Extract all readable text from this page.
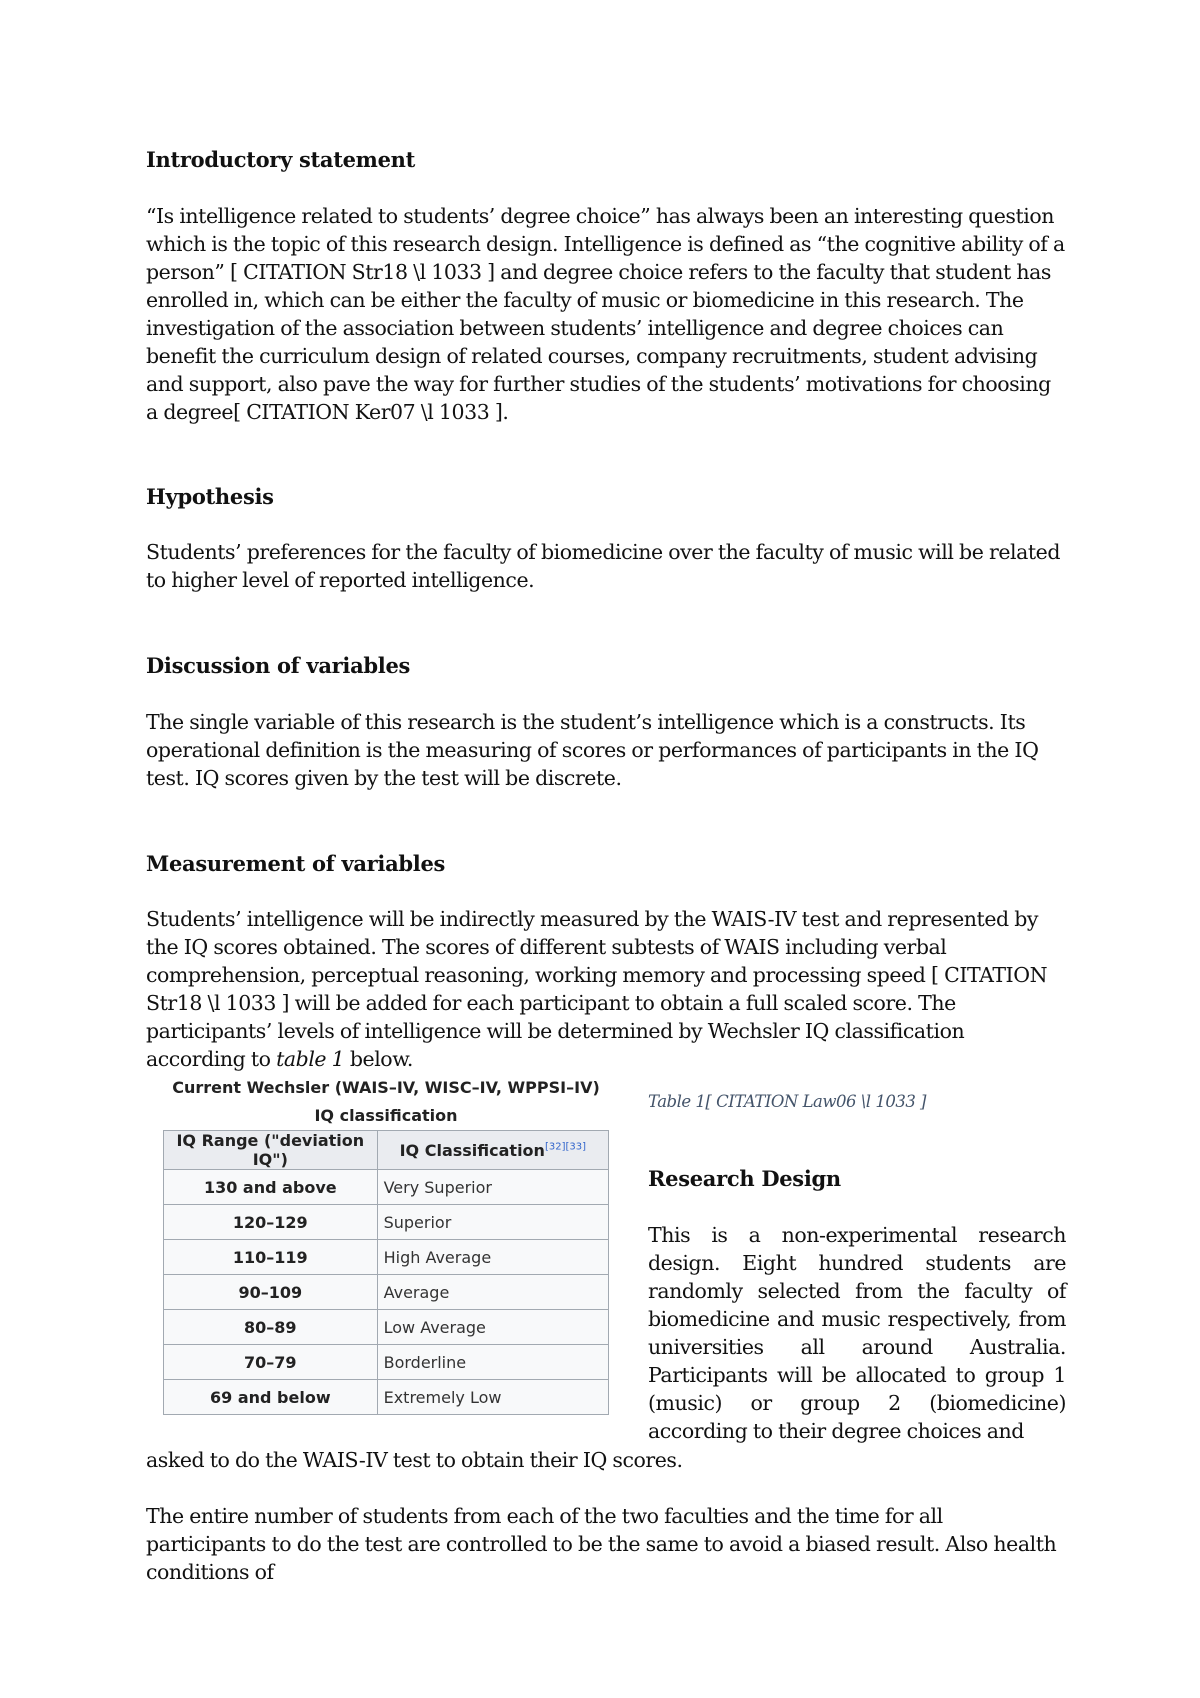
Introductory statement

“Is intelligence related to students’ degree choice” has always been an interesting question which is the topic of this research design. Intelligence is defined as “the cognitive ability of a person” [ CITATION Str18 \l 1033 ] and degree choice refers to the faculty that student has enrolled in, which can be either the faculty of music or biomedicine in this research. The investigation of the association between students’ intelligence and degree choices can benefit the curriculum design of related courses, company recruitments, student advising and support, also pave the way for further studies of the students’ motivations for choosing a degree[ CITATION Ker07 \l 1033 ].

Hypothesis

Students’ preferences for the faculty of biomedicine over the faculty of music will be related to higher level of reported intelligence.

Discussion of variables

The single variable of this research is the student’s intelligence which is a constructs. Its operational definition is the measuring of scores or performances of participants in the IQ test. IQ scores given by the test will be discrete.

Measurement of variables

Students’ intelligence will be indirectly measured by the WAIS-IV test and represented by the IQ scores obtained. The scores of different subtests of WAIS including verbal comprehension, perceptual reasoning, working memory and processing speed [ CITATION Str18 \l 1033 ] will be added for each participant to obtain a full scaled score. The participants’ levels of intelligence will be determined by Wechsler IQ classification according to table 1 below.

Current Wechsler (WAIS–IV, WISC–IV, WPPSI–IV) IQ classification
IQ Range ("deviation IQ")	IQ Classification[32][33]
130 and above	Very Superior
120–129	Superior
110–119	High Average
90–109	Average
80–89	Low Average
70–79	Borderline
69 and below	Extremely Low
Table 1[ CITATION Law06 \l 1033 ]
Research Design

This is a non-experimental research design. Eight hundred students are randomly selected from the faculty of biomedicine and music respectively, from universities all around Australia. Participants will be allocated to group 1 (music) or group 2 (biomedicine) according to their degree choices and

asked to do the WAIS-IV test to obtain their IQ scores.

The entire number of students from each of the two faculties and the time for all participants to do the test are controlled to be the same to avoid a biased result. Also health conditions of
